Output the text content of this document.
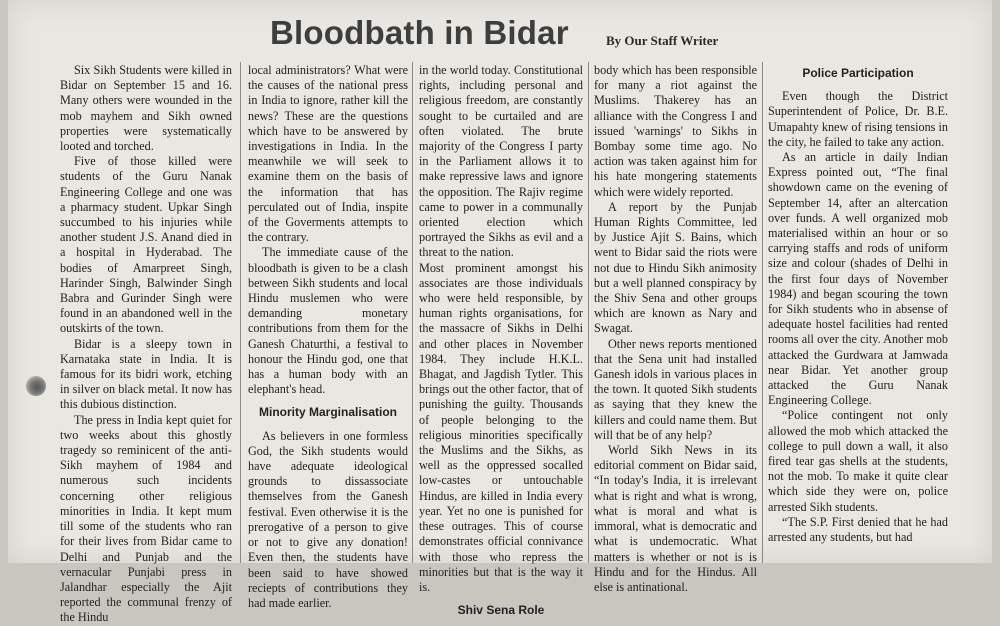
Bloodbath in Bidar	By Our Staff Writer

Six Sikh Students were killed in Bidar on September 15 and 16. Many others were wounded in the mob mayhem and Sikh owned properties were systematically looted and torched.

Five of those killed were students of the Guru Nanak Engineering College and one was a pharmacy student. Upkar Singh succumbed to his injuries while another student J.S. Anand died in a hospital in Hyderabad. The bodies of Amarpreet Singh, Harinder Singh, Balwinder Singh Babra and Gurinder Singh were found in an abandoned well in the outskirts of the town.

Bidar is a sleepy town in Karnataka state in India. It is famous for its bidri work, etching in silver on black metal. It now has this dubious distinction.

The press in India kept quiet for two weeks about this ghostly tragedy so reminicent of the anti-Sikh mayhem of 1984 and numerous such incidents concerning other religious minorities in India. It kept mum till some of the students who ran for their lives from Bidar came to Delhi and Punjab and the vernacular Punjabi press in Jalandhar especially the Ajit reported the communal frenzy of the Hindu

local administrators? What were the causes of the national press in India to ignore, rather kill the news? These are the questions which have to be answered by investigations in India. In the meanwhile we will seek to examine them on the basis of the information that has perculated out of India, inspite of the Goverments attempts to the contrary.

The immediate cause of the bloodbath is given to be a clash between Sikh students and local Hindu muslemen who were demanding monetary contributions from them for the Ganesh Chaturthi, a festival to honour the Hindu god, one that has a human body with an elephant's head.

Minority Marginalisation

As believers in one formless God, the Sikh students would have adequate ideological grounds to dissassociate themselves from the Ganesh festival. Even otherwise it is the prerogative of a person to give or not to give any donation! Even then, the students have been said to have showed reciepts of contributions they had made earlier.

in the world today. Constitutional rights, including personal and religious freedom, are constantly sought to be curtailed and are often violated. The brute majority of the Congress I party in the Parliament allows it to make repressive laws and ignore the opposition. The Rajiv regime came to power in a communally oriented election which portrayed the Sikhs as evil and a threat to the nation.

Most prominent amongst his associates are those individuals who were held responsible, by human rights organisations, for the massacre of Sikhs in Delhi and other places in November 1984. They include H.K.L. Bhagat, and Jagdish Tytler. This brings out the other factor, that of punishing the guilty. Thousands of people belonging to the religious minorities specifically the Muslims and the Sikhs, as well as the oppressed socalled low-castes or untouchable Hindus, are killed in India every year. Yet no one is punished for these outrages. This of course demonstrates official connivance with those who repress the minorities but that is the way it is.

Shiv Sena Role

body which has been responsible for many a riot against the Muslims. Thakerey has an alliance with the Congress I and issued 'warnings' to Sikhs in Bombay some time ago. No action was taken against him for his hate mongering statements which were widely reported.

A report by the Punjab Human Rights Committee, led by Justice Ajit S. Bains, which went to Bidar said the riots were not due to Hindu Sikh animosity but a well planned conspiracy by the Shiv Sena and other groups which are known as Nary and Swagat.

Other news reports mentioned that the Sena unit had installed Ganesh idols in various places in the town. It quoted Sikh students as saying that they knew the killers and could name them. But will that be of any help?

World Sikh News in its editorial comment on Bidar said, “In today's India, it is irrelevant what is right and what is wrong, what is moral and what is immoral, what is democratic and what is undemocratic. What matters is whether or not is is Hindu and for the Hindus. All else is antinational.

Police Participation

Even though the District Superintendent of Police, Dr. B.E. Umapahty knew of rising tensions in the city, he failed to take any action.

As an article in daily Indian Express pointed out, “The final showdown came on the evening of September 14, after an altercation over funds. A well organized mob materialised within an hour or so carrying staffs and rods of uniform size and colour (shades of Delhi in the first four days of November 1984) and began scouring the town for Sikh students who in absense of adequate hostel facilities had rented rooms all over the city. Another mob attacked the Gurdwara at Jamwada near Bidar. Yet another group attacked the Guru Nanak Engineering College.

“Police contingent not only allowed the mob which attacked the college to pull down a wall, it also fired tear gas shells at the students, not the mob. To make it quite clear which side they were on, police arrested Sikh students.

“The S.P. First denied that he had arrested any students, but had
